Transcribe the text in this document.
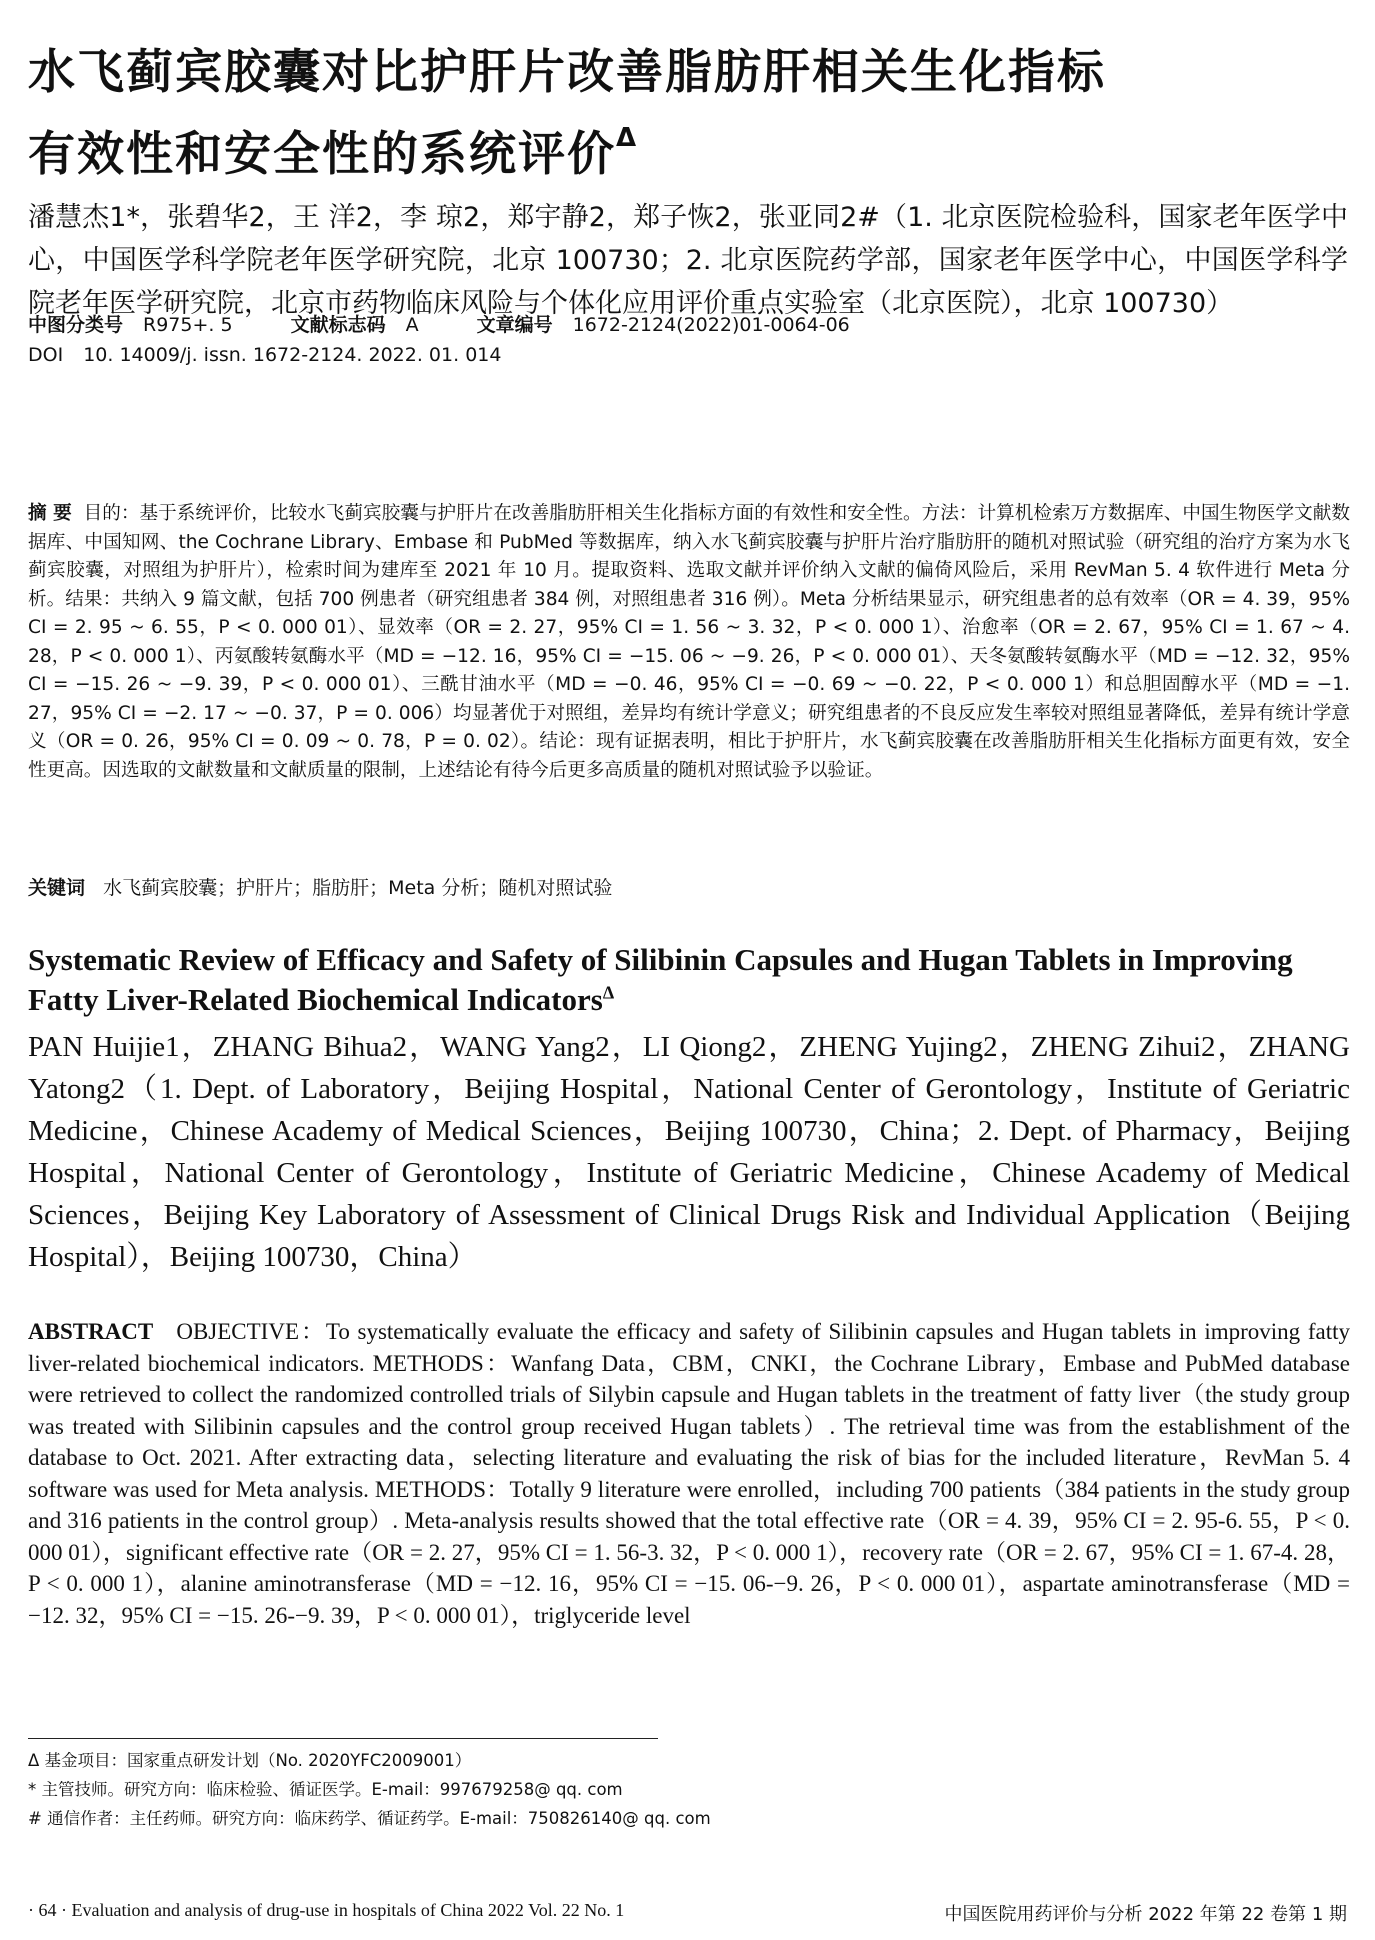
水飞蓟宾胶囊对比护肝片改善脂肪肝相关生化指标
有效性和安全性的系统评价$^\Delta$
潘慧杰1*，张碧华2，王 洋2，李 琼2，郑宇静2，郑子恢2，张亚同2#（1. 北京医院检验科，国家老年医学中心，中国医学科学院老年医学研究院，北京 100730；2. 北京医院药学部，国家老年医学中心，中国医学科学院老年医学研究院，北京市药物临床风险与个体化应用评价重点实验室（北京医院），北京 100730）
中图分类号 R975+. 5	文献标志码 A	文章编号 1672-2124(2022)01-0064-06
DOI 10. 14009/j. issn. 1672-2124. 2022. 01. 014
摘 要 目的：基于系统评价，比较水飞蓟宾胶囊与护肝片在改善脂肪肝相关生化指标方面的有效性和安全性。方法：计算机检索万方数据库、中国生物医学文献数据库、中国知网、the Cochrane Library、Embase 和 PubMed 等数据库，纳入水飞蓟宾胶囊与护肝片治疗脂肪肝的随机对照试验（研究组的治疗方案为水飞蓟宾胶囊，对照组为护肝片），检索时间为建库至 2021 年 10 月。提取资料、选取文献并评价纳入文献的偏倚风险后，采用 RevMan 5. 4 软件进行 Meta 分析。结果：共纳入 9 篇文献，包括 700 例患者（研究组患者 384 例，对照组患者 316 例）。Meta 分析结果显示，研究组患者的总有效率（OR = 4. 39，95% CI = 2. 95 ~ 6. 55，P < 0. 000 01）、显效率（OR = 2. 27，95% CI = 1. 56 ~ 3. 32，P < 0. 000 1）、治愈率（OR = 2. 67，95% CI = 1. 67 ~ 4. 28，P < 0. 000 1）、丙氨酸转氨酶水平（MD = −12. 16，95% CI = −15. 06 ~ −9. 26，P < 0. 000 01）、天冬氨酸转氨酶水平（MD = −12. 32，95% CI = −15. 26 ~ −9. 39，P < 0. 000 01）、三酰甘油水平（MD = −0. 46，95% CI = −0. 69 ~ −0. 22，P < 0. 000 1）和总胆固醇水平（MD = −1. 27，95% CI = −2. 17 ~ −0. 37，P = 0. 006）均显著优于对照组，差异均有统计学意义；研究组患者的不良反应发生率较对照组显著降低，差异有统计学意义（OR = 0. 26，95% CI = 0. 09 ~ 0. 78，P = 0. 02）。结论：现有证据表明，相比于护肝片，水飞蓟宾胶囊在改善脂肪肝相关生化指标方面更有效，安全性更高。因选取的文献数量和文献质量的限制，上述结论有待今后更多高质量的随机对照试验予以验证。
关键词 水飞蓟宾胶囊；护肝片；脂肪肝；Meta 分析；随机对照试验
Systematic Review of Efficacy and Safety of Silibinin Capsules and Hugan Tablets in Improving Fatty Liver-Related Biochemical Indicators$^\Delta$
PAN Huijie1，ZHANG Bihua2，WANG Yang2，LI Qiong2，ZHENG Yujing2，ZHENG Zihui2，ZHANG Yatong2（1. Dept. of Laboratory，Beijing Hospital，National Center of Gerontology，Institute of Geriatric Medicine，Chinese Academy of Medical Sciences，Beijing 100730，China；2. Dept. of Pharmacy，Beijing Hospital，National Center of Gerontology，Institute of Geriatric Medicine，Chinese Academy of Medical Sciences，Beijing Key Laboratory of Assessment of Clinical Drugs Risk and Individual Application（Beijing Hospital），Beijing 100730，China）
ABSTRACT OBJECTIVE：To systematically evaluate the efficacy and safety of Silibinin capsules and Hugan tablets in improving fatty liver-related biochemical indicators. METHODS：Wanfang Data，CBM，CNKI，the Cochrane Library，Embase and PubMed database were retrieved to collect the randomized controlled trials of Silybin capsule and Hugan tablets in the treatment of fatty liver（the study group was treated with Silibinin capsules and the control group received Hugan tablets）. The retrieval time was from the establishment of the database to Oct. 2021. After extracting data，selecting literature and evaluating the risk of bias for the included literature，RevMan 5. 4 software was used for Meta analysis. METHODS：Totally 9 literature were enrolled，including 700 patients（384 patients in the study group and 316 patients in the control group）. Meta-analysis results showed that the total effective rate（OR = 4. 39，95% CI = 2. 95-6. 55，P < 0. 000 01），significant effective rate（OR = 2. 27，95% CI = 1. 56-3. 32，P < 0. 000 1），recovery rate（OR = 2. 67，95% CI = 1. 67-4. 28，P < 0. 000 1），alanine aminotransferase（MD = −12. 16，95% CI = −15. 06-−9. 26，P < 0. 000 01），aspartate aminotransferase（MD = −12. 32，95% CI = −15. 26-−9. 39，P < 0. 000 01），triglyceride level
Δ 基金项目：国家重点研发计划（No. 2020YFC2009001）
* 主管技师。研究方向：临床检验、循证医学。E-mail：997679258@ qq. com
# 通信作者：主任药师。研究方向：临床药学、循证药学。E-mail：750826140@ qq. com
· 64 · Evaluation and analysis of drug-use in hospitals of China 2022 Vol. 22 No. 1	中国医院用药评价与分析 2022 年第 22 卷第 1 期
